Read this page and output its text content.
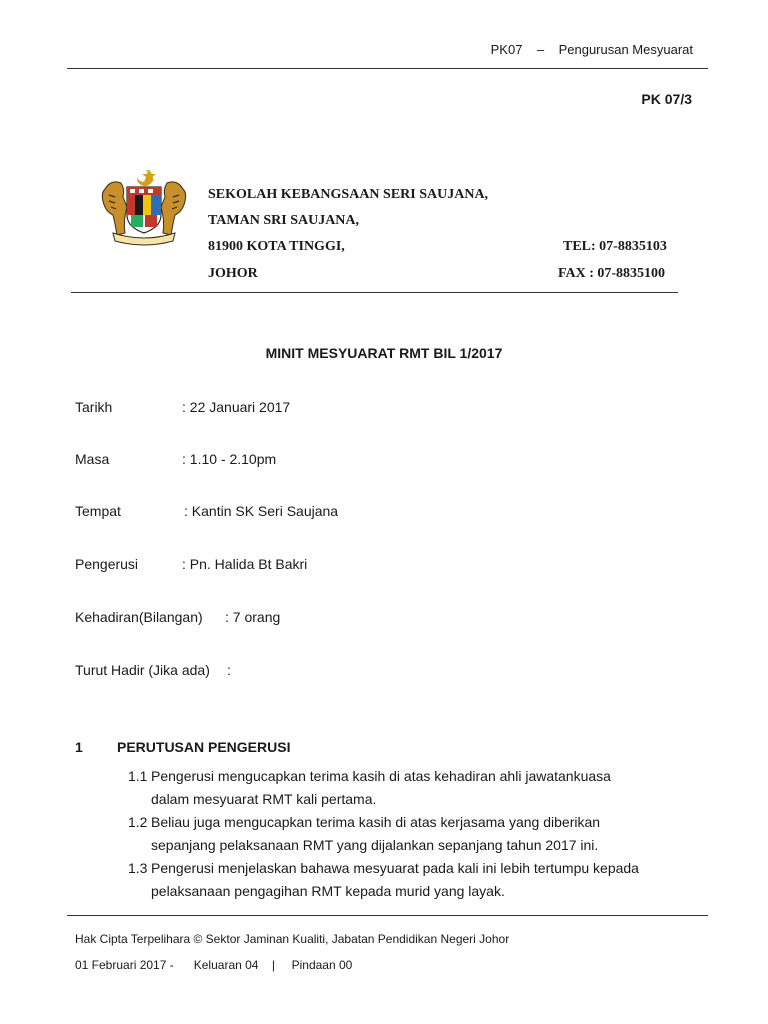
PK07 – Pengurusan Mesyuarat
PK 07/3
SEKOLAH KEBANGSAAN SERI SAUJANA,
TAMAN SRI SAUJANA,
81900 KOTA TINGGI,
JOHOR
TEL: 07-8835103
FAX : 07-8835100
MINIT MESYUARAT RMT BIL 1/2017
Tarikh	: 22 Januari 2017
Masa	: 1.10 - 2.10pm
Tempat	: Kantin SK Seri Saujana
Pengerusi	: Pn. Halida Bt Bakri
Kehadiran(Bilangan) : 7 orang
Turut Hadir (Jika ada) :
1 PERUTUSAN PENGERUSI
1.1 Pengerusi mengucapkan terima kasih di atas kehadiran ahli jawatankuasa
dalam mesyuarat RMT kali pertama.
1.2 Beliau juga mengucapkan terima kasih di atas kerjasama yang diberikan
sepanjang pelaksanaan RMT yang dijalankan sepanjang tahun 2017 ini.
1.3 Pengerusi menjelaskan bahawa mesyuarat pada kali ini lebih tertumpu kepada
pelaksanaan pengagihan RMT kepada murid yang layak.
Hak Cipta Terpelihara © Sektor Jaminan Kualiti, Jabatan Pendidikan Negeri Johor
01 Februari 2017 - Keluaran 04 | Pindaan 00
